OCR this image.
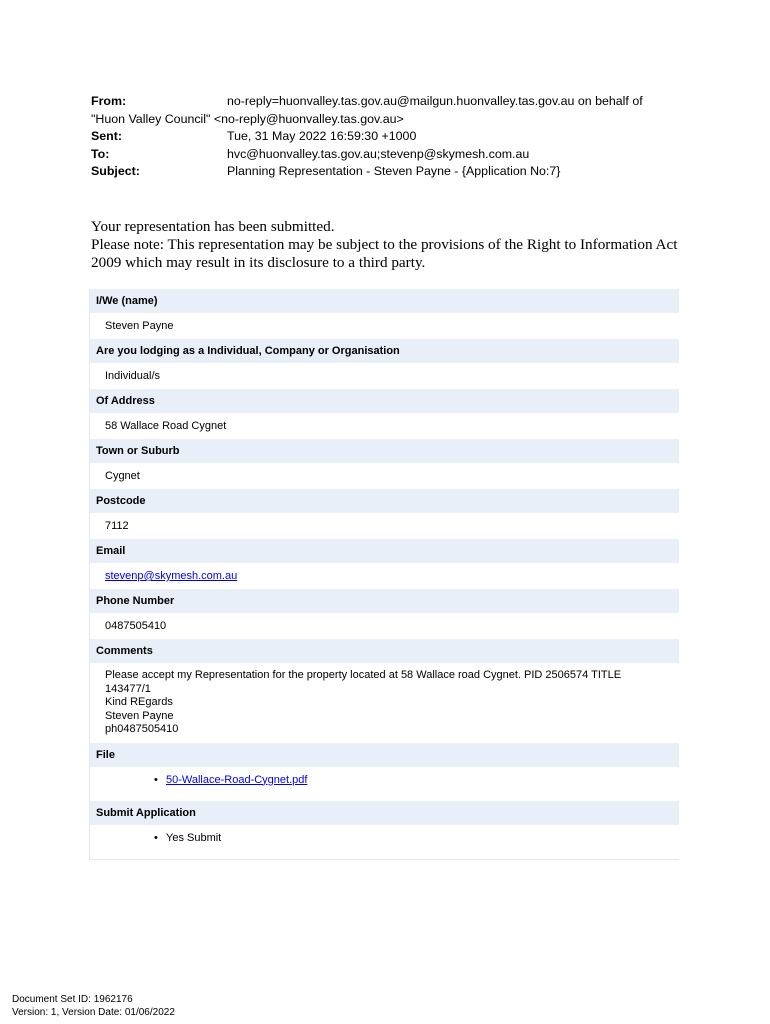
From:	no-reply=huonvalley.tas.gov.au@mailgun.huonvalley.tas.gov.au on behalf of
"Huon Valley Council" <no-reply@huonvalley.tas.gov.au>
Sent:	Tue, 31 May 2022 16:59:30 +1000
To:	hvc@huonvalley.tas.gov.au;stevenp@skymesh.com.au
Subject:	Planning Representation - Steven Payne - {Application No:7}
Your representation has been submitted.
Please note: This representation may be subject to the provisions of the Right to Information Act
2009 which may result in its disclosure to a third party.
I/We (name)
Steven Payne
Are you lodging as a Individual, Company or Organisation
Individual/s
Of Address
58 Wallace Road Cygnet
Town or Suburb
Cygnet
Postcode
7112
Email
stevenp@skymesh.com.au
Phone Number
0487505410
Comments
Please accept my Representation for the property located at 58 Wallace road Cygnet. PID 2506574 TITLE
143477/1
Kind REgards
Steven Payne
ph0487505410
File
• 50-Wallace-Road-Cygnet.pdf
Submit Application
• Yes Submit
Document Set ID: 1962176
Version: 1, Version Date: 01/06/2022
